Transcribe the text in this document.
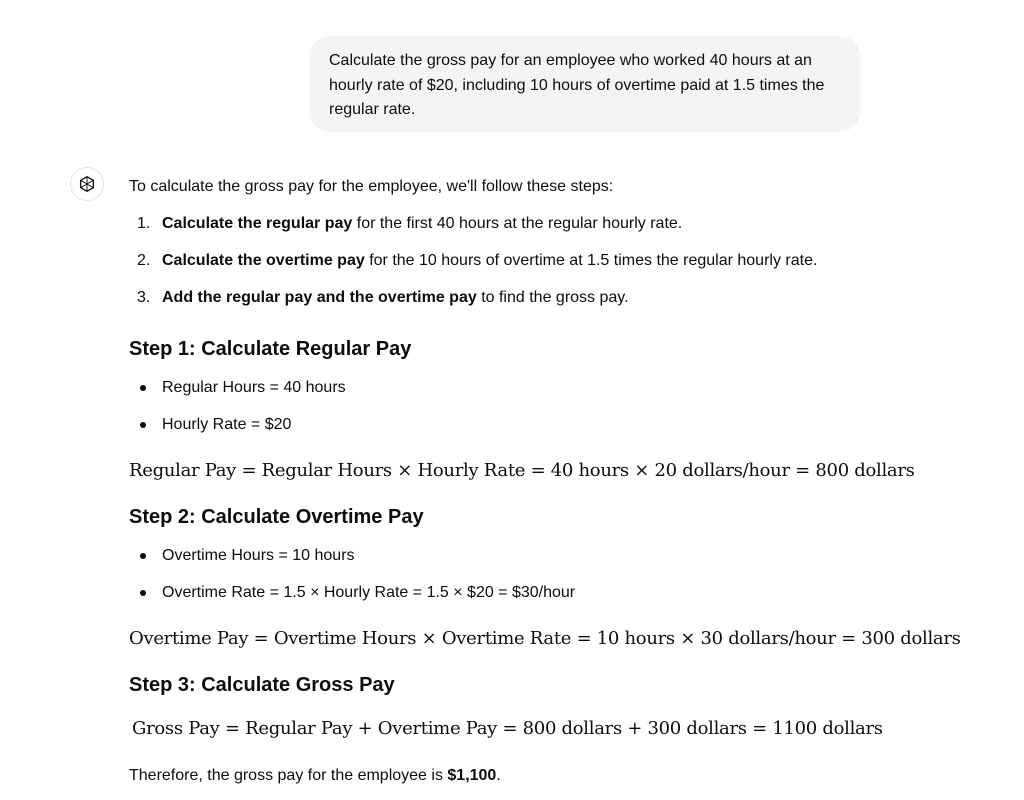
Calculate the gross pay for an employee who worked 40 hours at an hourly rate of $20, including 10 hours of overtime paid at 1.5 times the regular rate.
To calculate the gross pay for the employee, we'll follow these steps:
1. Calculate the regular pay for the first 40 hours at the regular hourly rate.
2. Calculate the overtime pay for the 10 hours of overtime at 1.5 times the regular hourly rate.
3. Add the regular pay and the overtime pay to find the gross pay.
Step 1: Calculate Regular Pay
Regular Hours = 40 hours
Hourly Rate = $20
Regular Pay = Regular Hours × Hourly Rate = 40 hours × 20 dollars/hour = 800 dollars
Step 2: Calculate Overtime Pay
Overtime Hours = 10 hours
Overtime Rate = 1.5 × Hourly Rate = 1.5 × $20 = $30/hour
Overtime Pay = Overtime Hours × Overtime Rate = 10 hours × 30 dollars/hour = 300 dollars
Step 3: Calculate Gross Pay
Gross Pay = Regular Pay + Overtime Pay = 800 dollars + 300 dollars = 1100 dollars
Therefore, the gross pay for the employee is $1,100.
